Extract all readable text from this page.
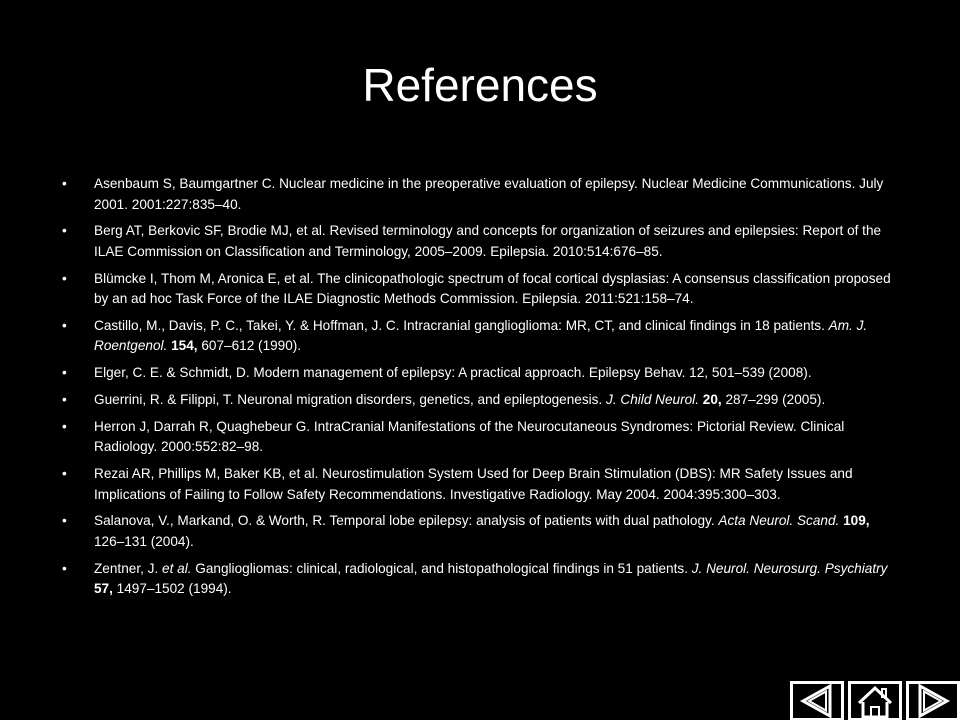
References
• Asenbaum S, Baumgartner C. Nuclear medicine in the preoperative evaluation of epilepsy. Nuclear Medicine Communications. July 2001. 2001:227:835–40.
• Berg AT, Berkovic SF, Brodie MJ, et al. Revised terminology and concepts for organization of seizures and epilepsies: Report of the ILAE Commission on Classification and Terminology, 2005–2009. Epilepsia. 2010:514:676–85.
• Blümcke I, Thom M, Aronica E, et al. The clinicopathologic spectrum of focal cortical dysplasias: A consensus classification proposed by an ad hoc Task Force of the ILAE Diagnostic Methods Commission. Epilepsia. 2011:521:158–74.
• Castillo, M., Davis, P. C., Takei, Y. & Hoffman, J. C. Intracranial ganglioglioma: MR, CT, and clinical findings in 18 patients. Am. J. Roentgenol. 154, 607–612 (1990).
• Elger, C. E. & Schmidt, D. Modern management of epilepsy: A practical approach. Epilepsy Behav. 12, 501–539 (2008).
• Guerrini, R. & Filippi, T. Neuronal migration disorders, genetics, and epileptogenesis. J. Child Neurol. 20, 287–299 (2005).
• Herron J, Darrah R, Quaghebeur G. IntraCranial Manifestations of the Neurocutaneous Syndromes: Pictorial Review. Clinical Radiology. 2000:552:82–98.
• Rezai AR, Phillips M, Baker KB, et al. Neurostimulation System Used for Deep Brain Stimulation (DBS): MR Safety Issues and Implications of Failing to Follow Safety Recommendations. Investigative Radiology. May 2004. 2004:395:300–303.
• Salanova, V., Markand, O. & Worth, R. Temporal lobe epilepsy: analysis of patients with dual pathology. Acta Neurol. Scand. 109, 126–131 (2004).
• Zentner, J. et al. Gangliogliomas: clinical, radiological, and histopathological findings in 51 patients. J. Neurol. Neurosurg. Psychiatry 57, 1497–1502 (1994).
